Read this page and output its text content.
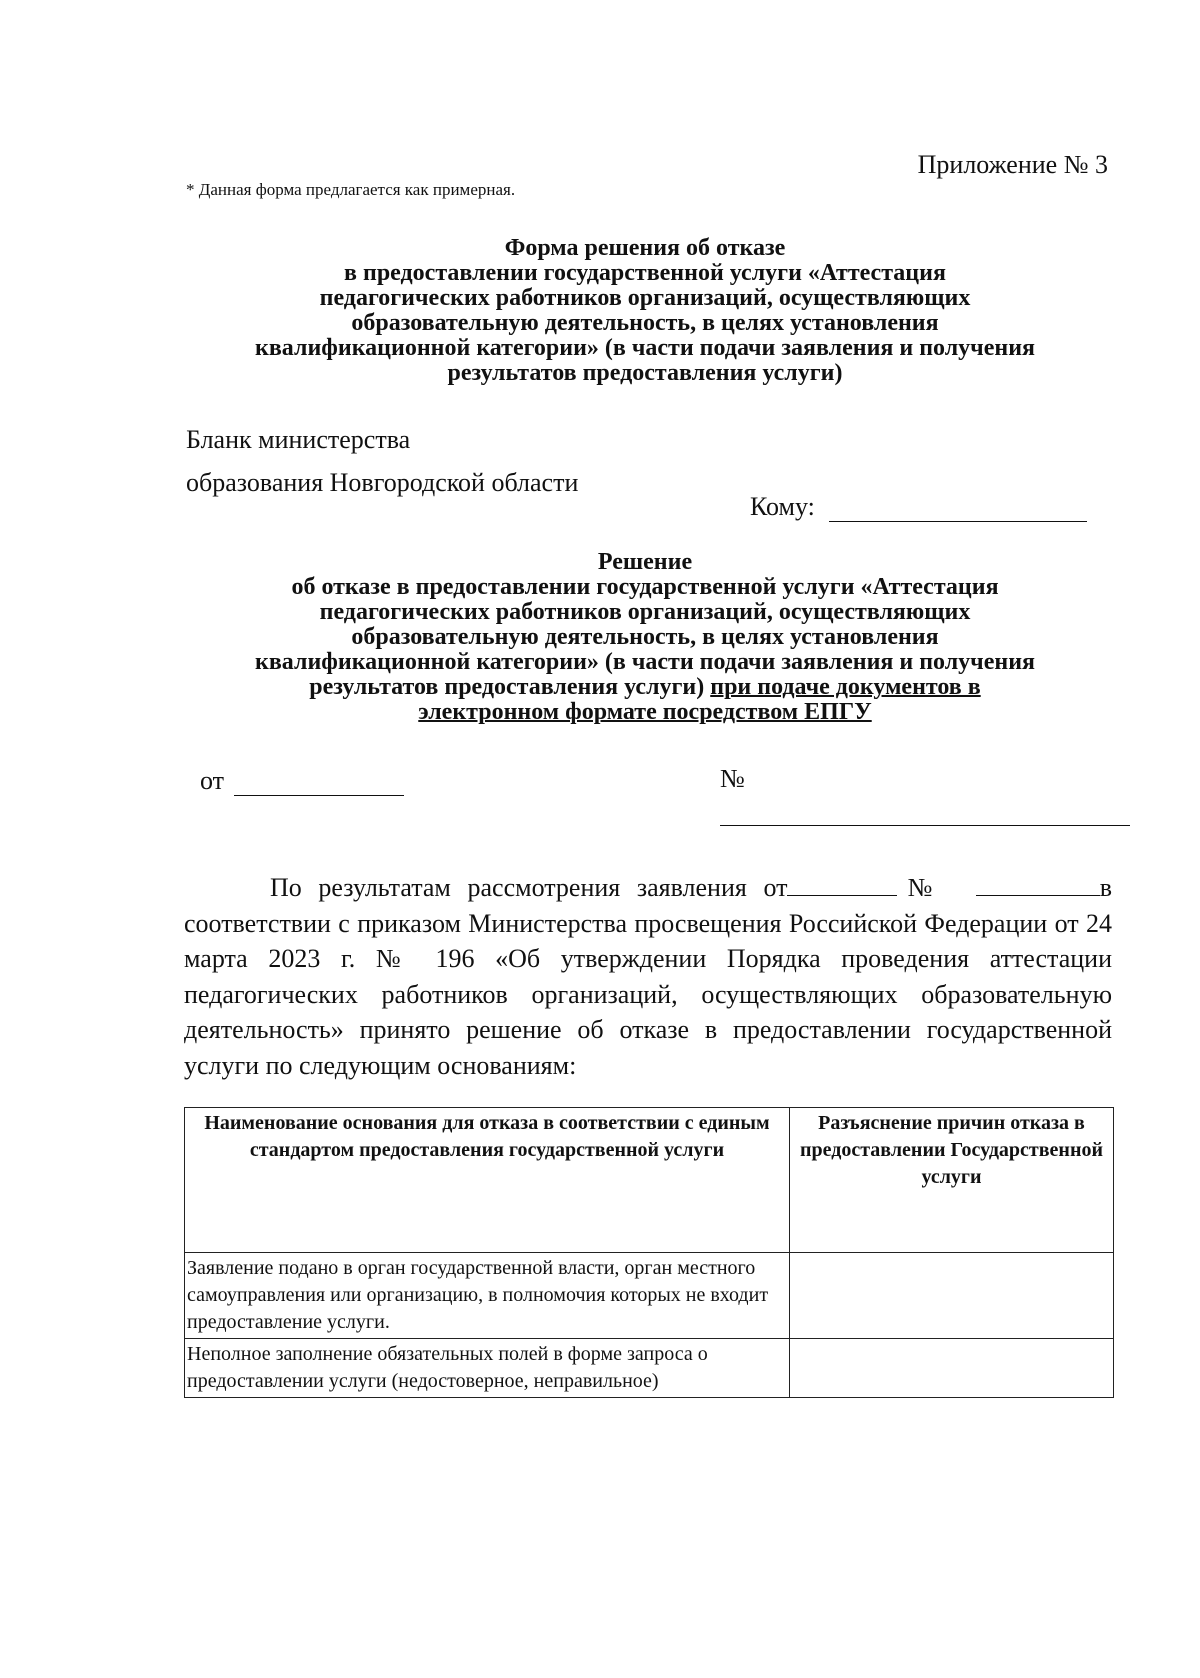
Приложение № 3
* Данная форма предлагается как примерная.
Форма решения об отказе
в предоставлении государственной услуги «Аттестация
педагогических работников организаций, осуществляющих
образовательную деятельность, в целях установления
квалификационной категории» (в части подачи заявления и получения
результатов предоставления услуги)
Бланк министерства
образования Новгородской области
Кому:
Решение
об отказе в предоставлении государственной услуги «Аттестация
педагогических работников организаций, осуществляющих
образовательную деятельность, в целях установления
квалификационной категории» (в части подачи заявления и получения
результатов предоставления услуги) при подаче документов в
электронном формате посредством ЕПГУ
от	№

По результатам рассмотрения заявления от	№	в соответствии с приказом Министерства просвещения Российской Федерации от 24 марта 2023 г. № 196 «Об утверждении Порядка проведения аттестации педагогических работников организаций, осуществляющих образовательную деятельность» принято решение об отказе в предоставлении государственной услуги по следующим основаниям:

Наименование основания для отказа в соответствии с единым стандартом предоставления государственной услуги	Разъяснение причин отказа в предоставлении Государственной услуги
Заявление подано в орган государственной власти, орган местного самоуправления или организацию, в полномочия которых не входит предоставление услуги.	
Неполное заполнение обязательных полей в форме запроса о предоставлении услуги (недостоверное, неправильное)	
